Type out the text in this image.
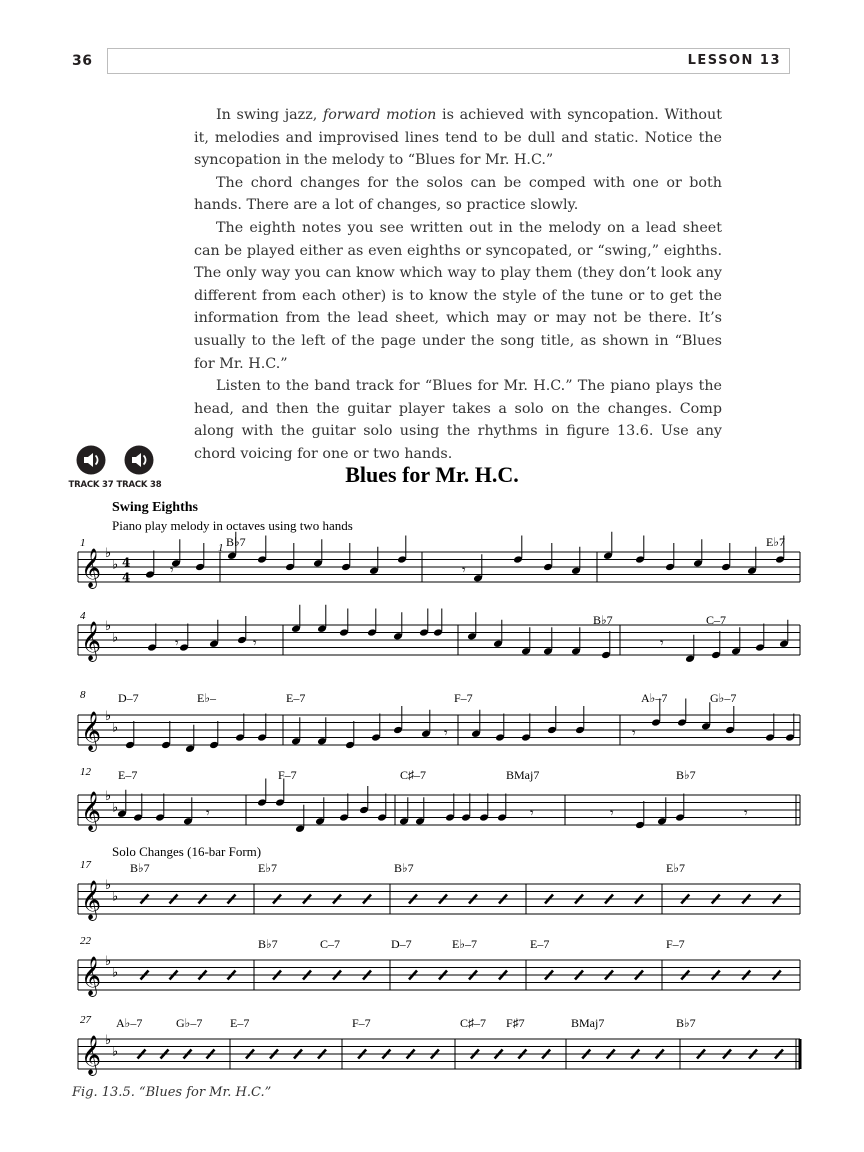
36	LESSON 13

In swing jazz, forward motion is achieved with syncopation. Without it, melodies and improvised lines tend to be dull and static. Notice the syncopation in the melody to “Blues for Mr. H.C.”

The chord changes for the solos can be comped with one or both hands. There are a lot of changes, so practice slowly.

The eighth notes you see written out in the melody on a lead sheet can be played either as even eighths or syncopated, or “swing,” eighths. The only way you can know which way to play them (they don’t look any different from each other) is to know the style of the tune or to get the information from the lead sheet, which may or may not be there. It’s usually to the left of the page under the song title, as shown in “Blues for Mr. H.C.”

Listen to the band track for “Blues for Mr. H.C.” The piano plays the head, and then the guitar player takes a solo on the changes. Comp along with the guitar solo using the rhythms in figure 13.6. Use any chord voicing for one or two hands.

TRACK 37 TRACK 38	Blues for Mr. H.C.
Swing Eighths
Piano play melody in octaves using two hands
Solo Changes (16-bar Form)
𝄞 ♭
♭ 4
4
𝄞 ♭
♭
𝄞 ♭
♭
𝄞 ♭
♭
𝄞 ♭
♭
𝄞 ♭
♭
𝄞 ♭
♭
𝄾	𝄾
𝄾	𝄾	𝄾
𝄾	𝄾
𝄾	𝄾	𝄾	𝄾
1	B♭7	E♭7
4	B♭7	C–7
8	D–7	E♭–	E–7	F–7	A♭–7	G♭–7
12 E–7	F–7	C♯–7	BMaj7	B♭7
17	B♭7	E♭7	B♭7	E♭7
22	B♭7	C–7	D–7	E♭–7	E–7	F–7
27 A♭–7	G♭–7 E–7	F–7	C♯–7 F♯7	BMaj7	B♭7
1
Fig. 13.5. “Blues for Mr. H.C.”
